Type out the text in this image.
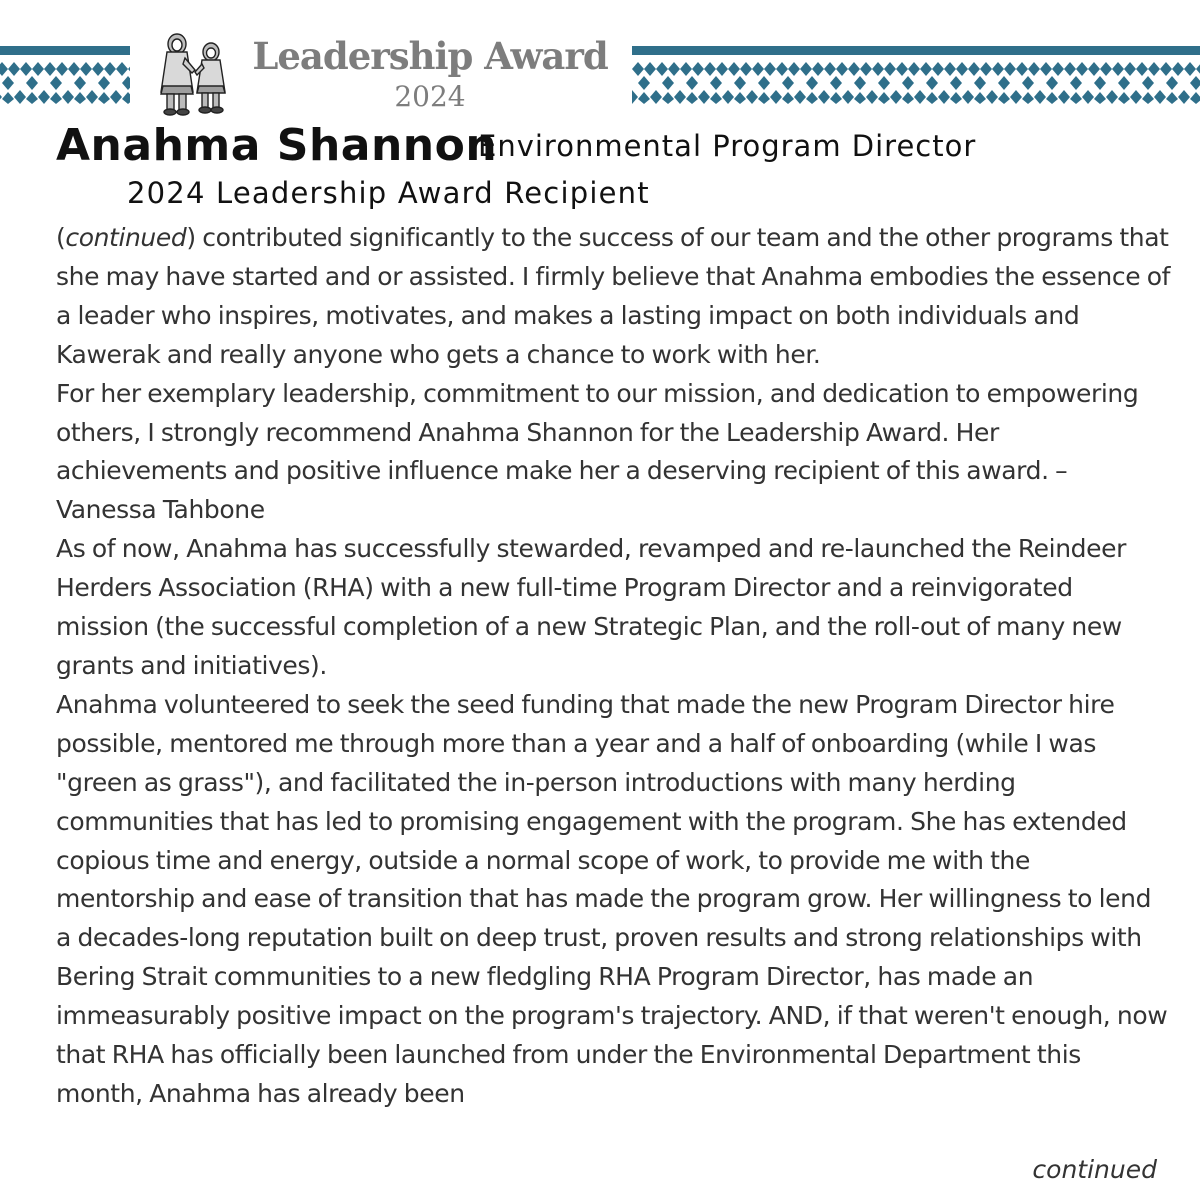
Leadership Award
2024
Anahma Shannon
Environmental Program Director
2024 Leadership Award Recipient

(continued) contributed significantly to the success of our team and the other programs that she may have started and or assisted. I firmly believe that Anahma embodies the essence of a leader who inspires, motivates, and makes a lasting impact on both individuals and Kawerak and really anyone who gets a chance to work with her.

For her exemplary leadership, commitment to our mission, and dedication to empowering others, I strongly recommend Anahma Shannon for the Leadership Award. Her achievements and positive influence make her a deserving recipient of this award. – Vanessa Tahbone

As of now, Anahma has successfully stewarded, revamped and re-launched the Reindeer Herders Association (RHA) with a new full-time Program Director and a reinvigorated mission (the successful completion of a new Strategic Plan, and the roll-out of many new grants and initiatives).

Anahma volunteered to seek the seed funding that made the new Program Director hire possible, mentored me through more than a year and a half of onboarding (while I was "green as grass"), and facilitated the in-person introductions with many herding communities that has led to promising engagement with the program. She has extended copious time and energy, outside a normal scope of work, to provide me with the mentorship and ease of transition that has made the program grow. Her willingness to lend a decades-long reputation built on deep trust, proven results and strong relationships with Bering Strait communities to a new fledgling RHA Program Director, has made an immeasurably positive impact on the program's trajectory. AND, if that weren't enough, now that RHA has officially been launched from under the Environmental Department this month, Anahma has already been

continued
